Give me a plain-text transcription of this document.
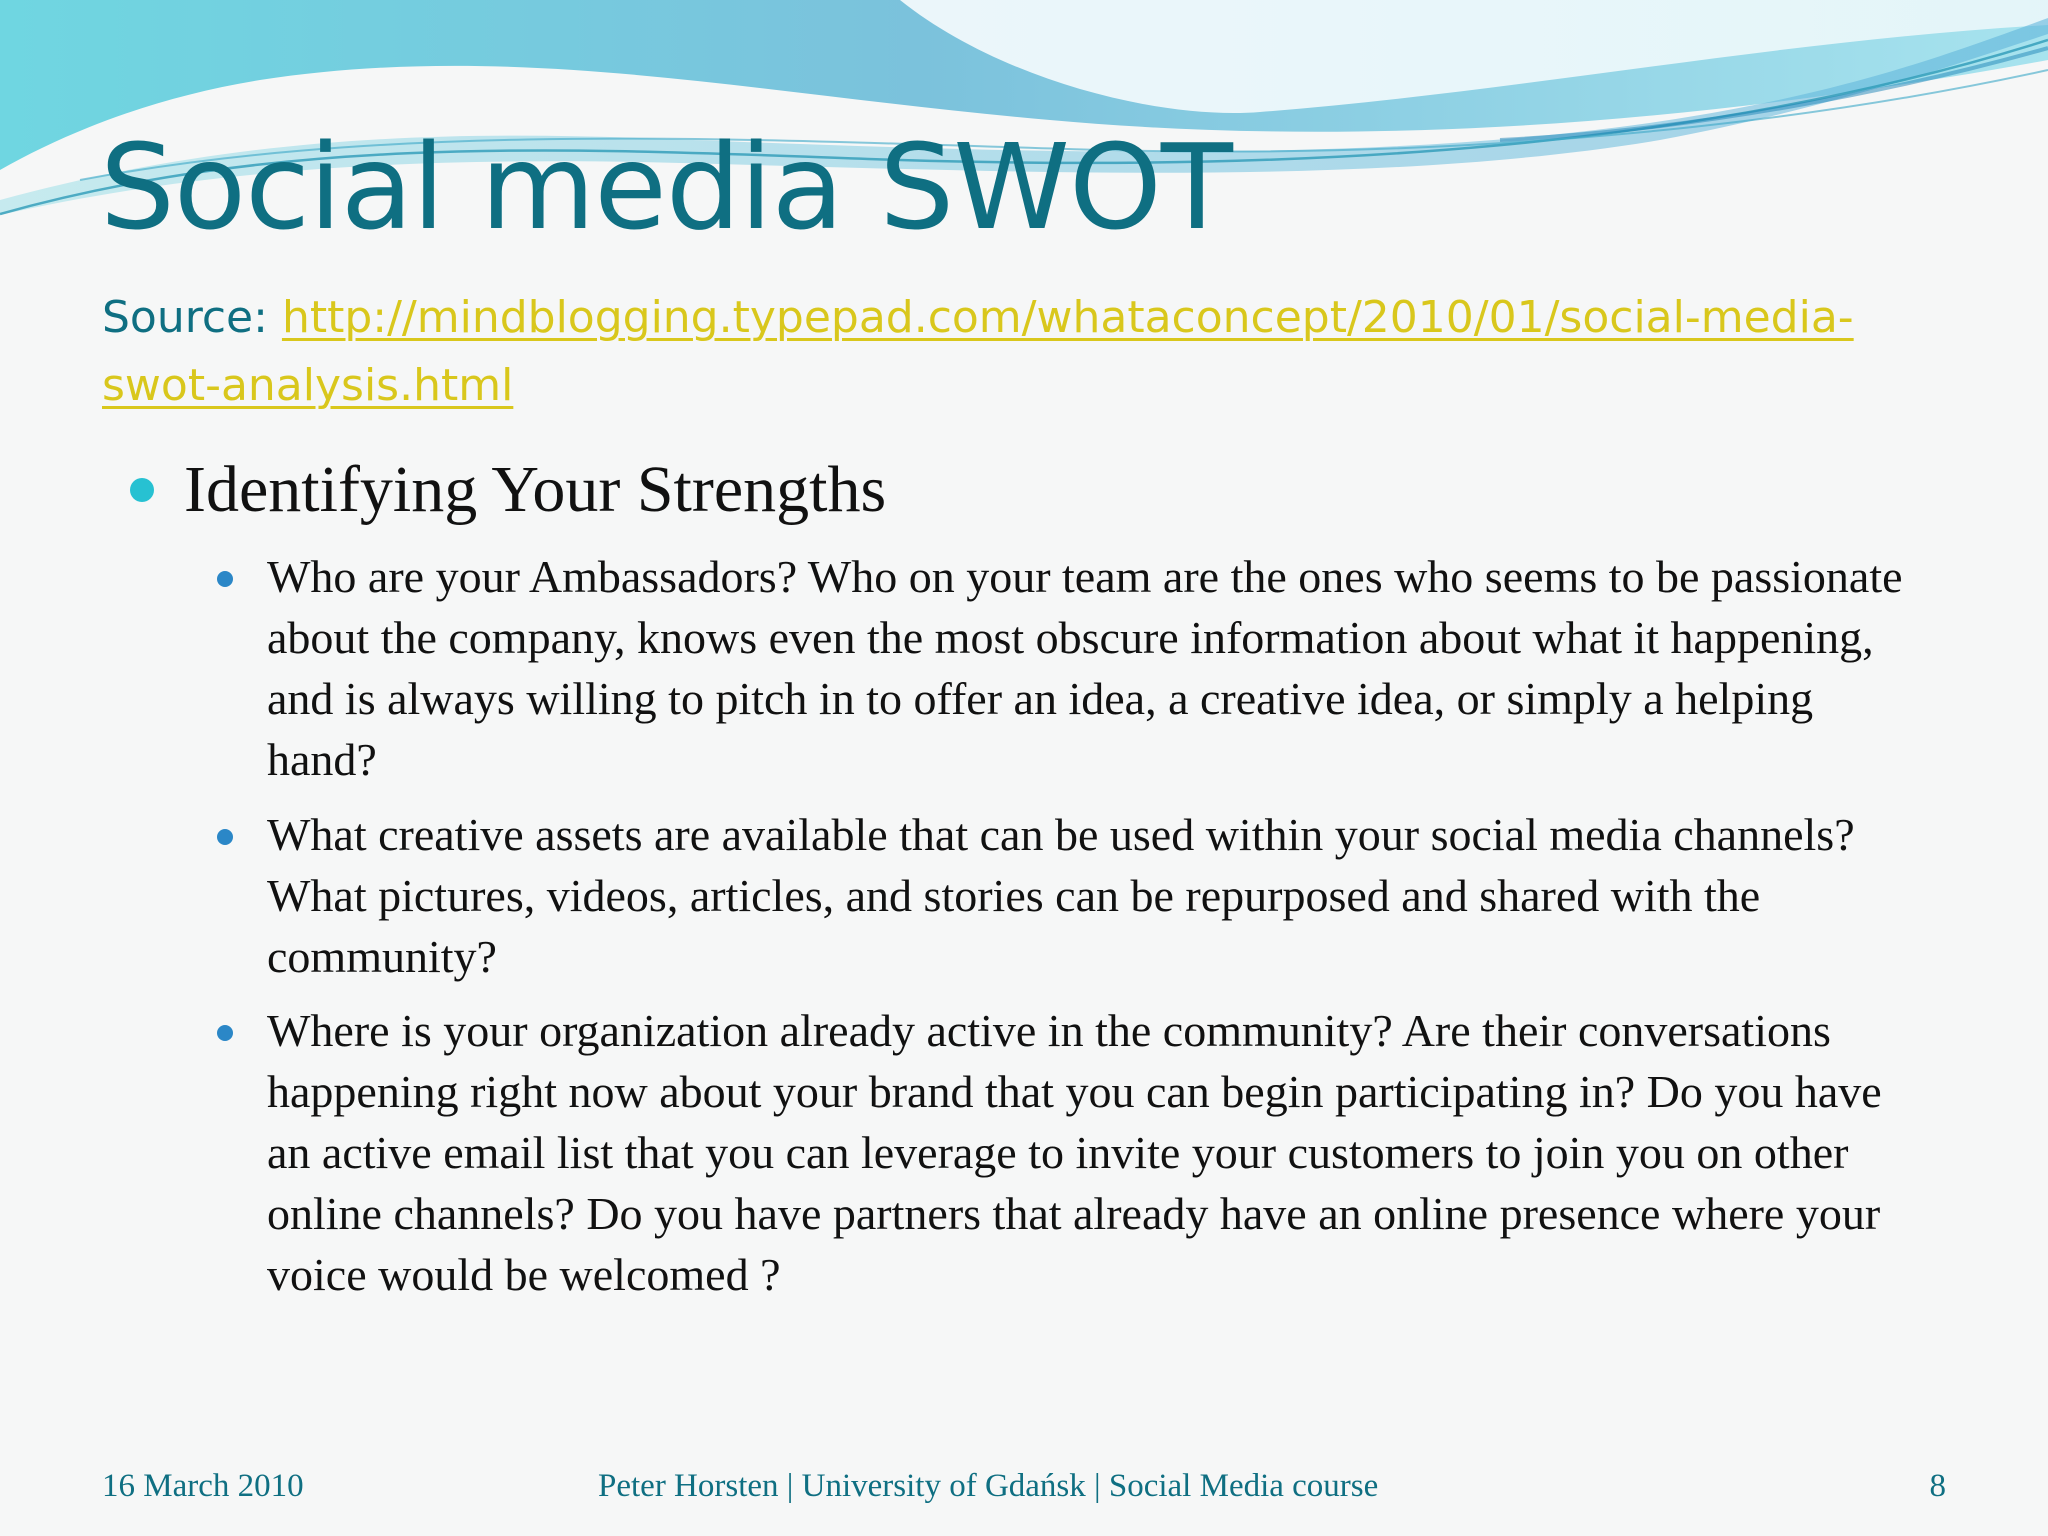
Social media SWOT
Source: http://mindblogging.typepad.com/whataconcept/2010/01/social-media-swot-analysis.html
Identifying Your Strengths
Who are your Ambassadors? Who on your team are the ones who seems to be passionate about the company, knows even the most obscure information about what it happening, and is always willing to pitch in to offer an idea, a creative idea, or simply a helping hand?
What creative assets are available that can be used within your social media channels? What pictures, videos, articles, and stories can be repurposed and shared with the community?
Where is your organization already active in the community? Are their conversations happening right now about your brand that you can begin participating in? Do you have an active email list that you can leverage to invite your customers to join you on other online channels? Do you have partners that already have an online presence where your voice would be welcomed ?
16 March 2010	Peter Horsten | University of Gdańsk | Social Media course	8
